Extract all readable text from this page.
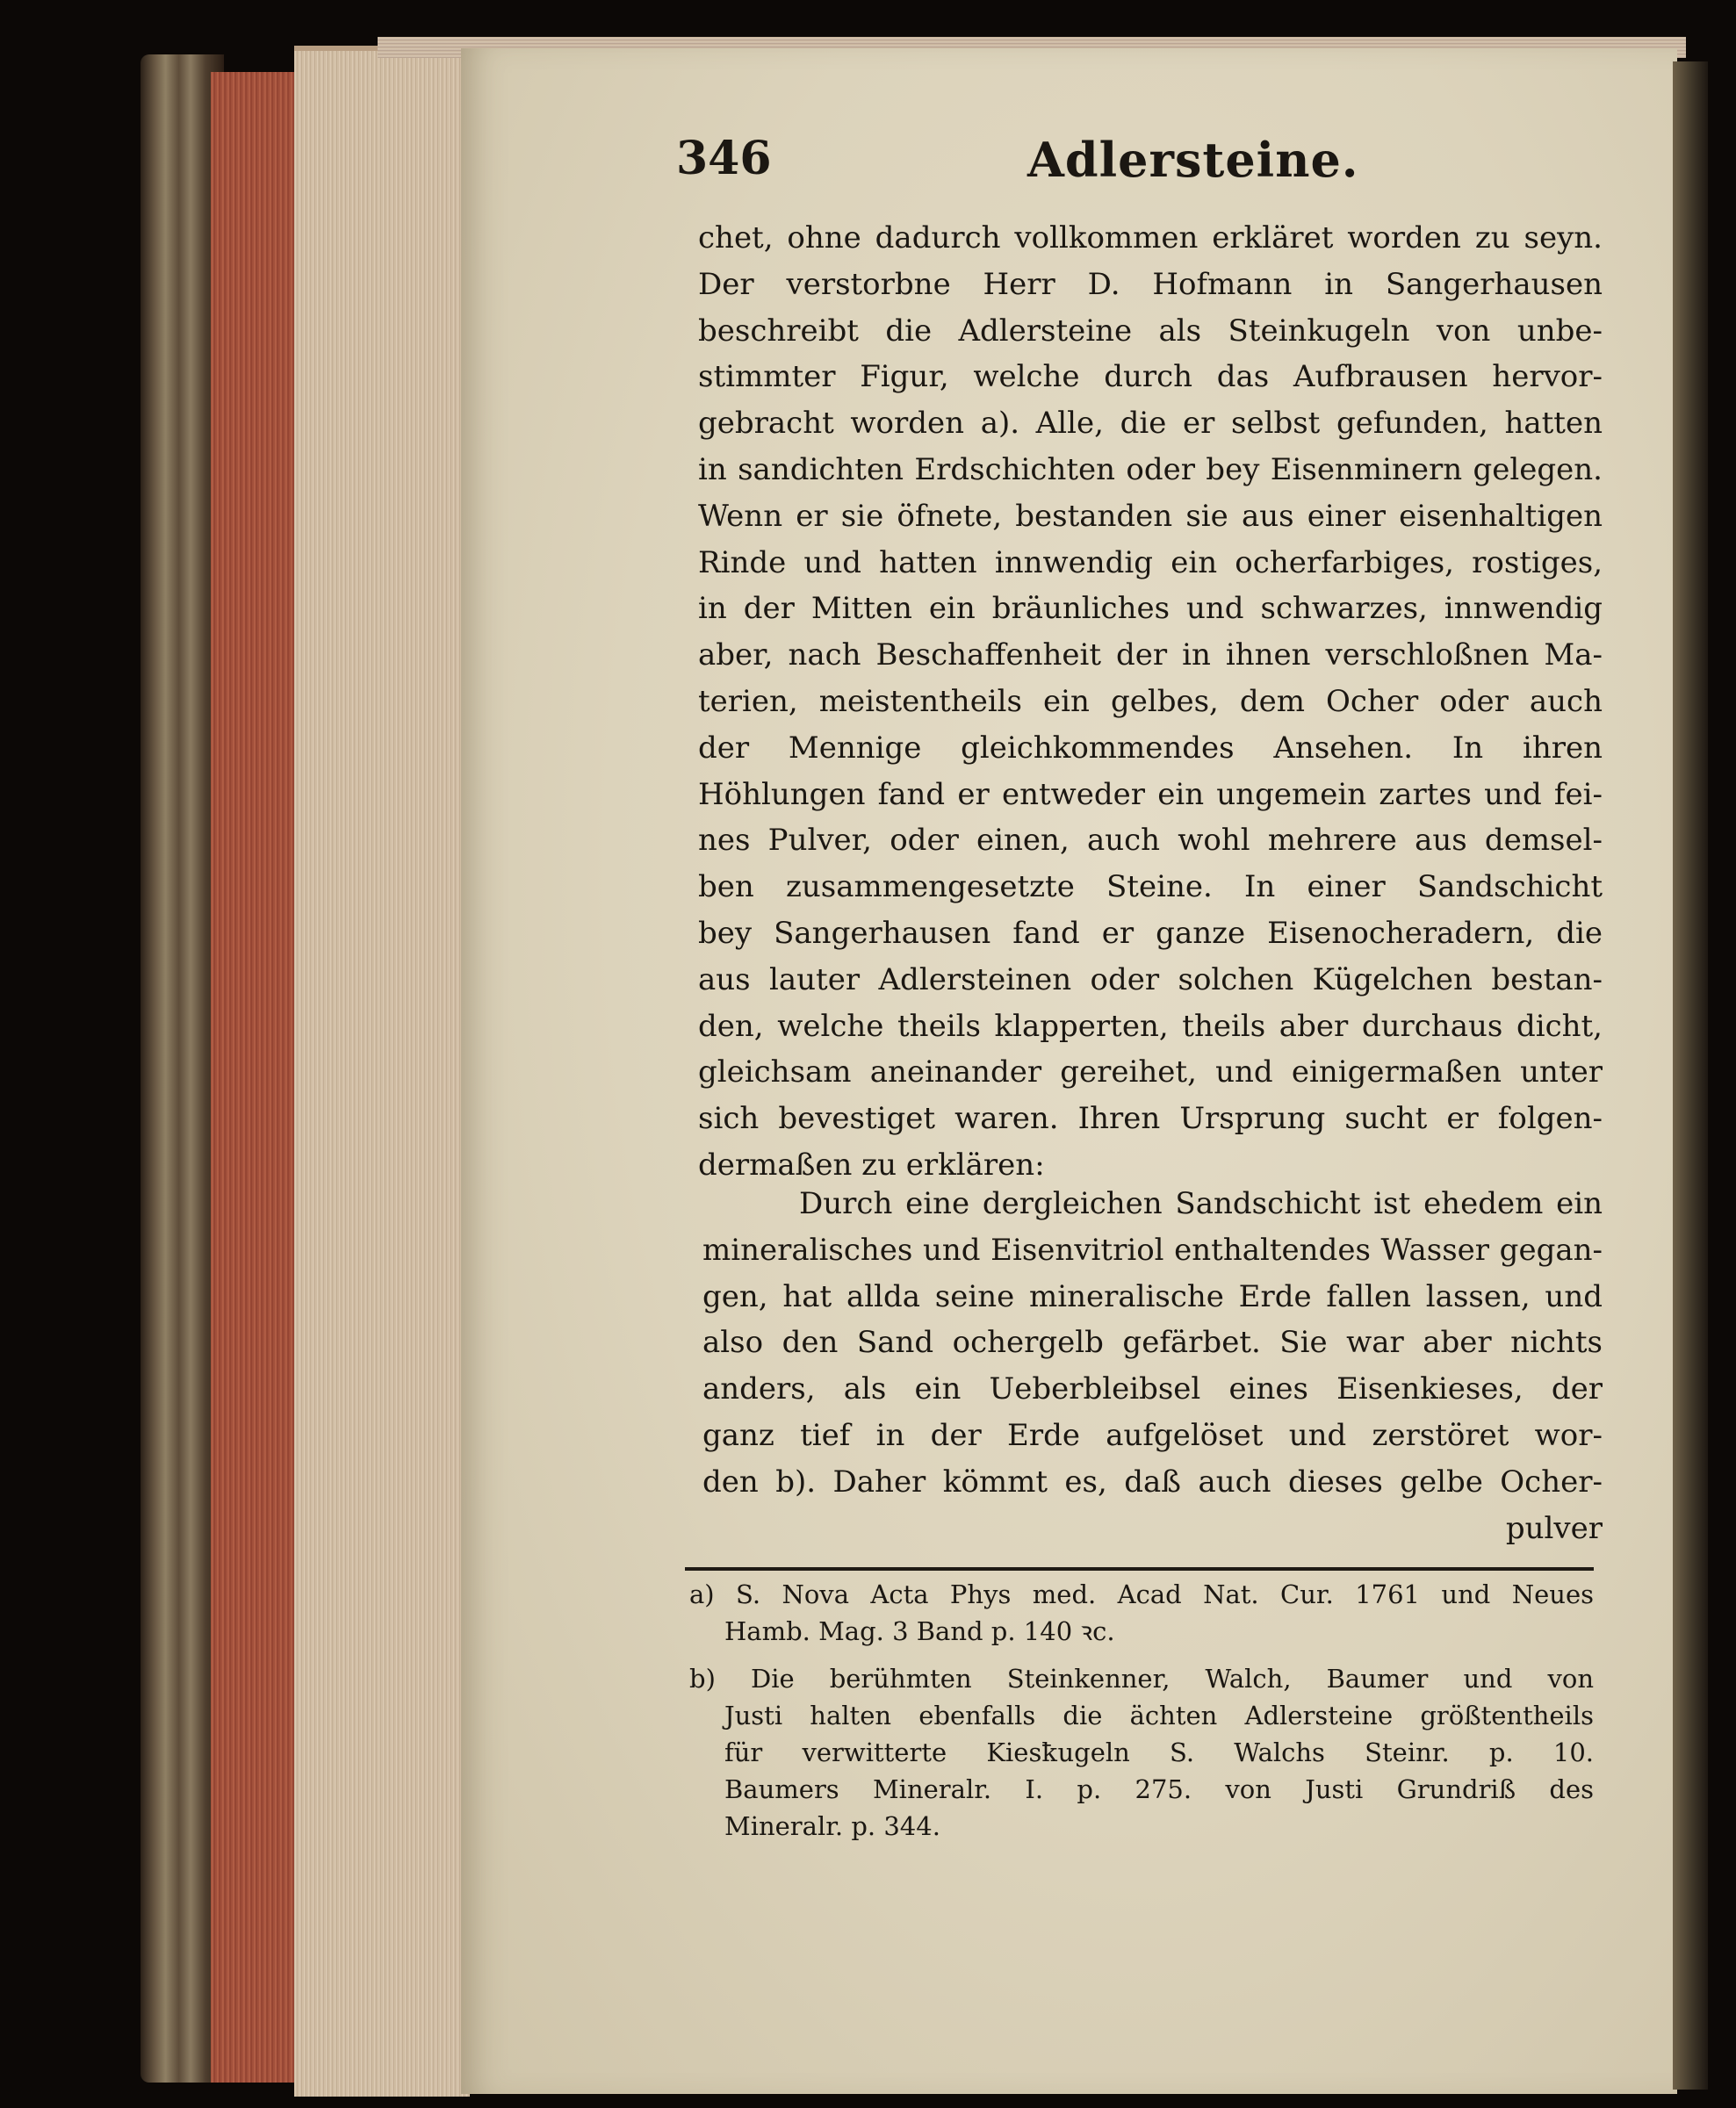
346	Adlersteine.
chet, ohne dadurch vollkommen erkläret worden zu seyn.
Der verstorbne Herr D. Hofmann in Sangerhausen
beschreibt die Adlersteine als Steinkugeln von unbe-
stimmter Figur, welche durch das Aufbrausen hervor-
gebracht worden a). Alle, die er selbst gefunden, hatten
in sandichten Erdschichten oder bey Eisenminern gelegen.
Wenn er sie öfnete, bestanden sie aus einer eisenhaltigen
Rinde und hatten innwendig ein ocherfarbiges, rostiges,
in der Mitten ein bräunliches und schwarzes, innwendig
aber, nach Beschaffenheit der in ihnen verschloßnen Ma-
terien, meistentheils ein gelbes, dem Ocher oder auch
der Mennige gleichkommendes Ansehen. In ihren
Höhlungen fand er entweder ein ungemein zartes und fei-
nes Pulver, oder einen, auch wohl mehrere aus demsel-
ben zusammengesetzte Steine. In einer Sandschicht
bey Sangerhausen fand er ganze Eisenocheradern, die
aus lauter Adlersteinen oder solchen Kügelchen bestan-
den, welche theils klapperten, theils aber durchaus dicht,
gleichsam aneinander gereihet, und einigermaßen unter
sich bevestiget waren. Ihren Ursprung sucht er folgen-
dermaßen zu erklären:
Durch eine dergleichen Sandschicht ist ehedem ein
mineralisches und Eisenvitriol enthaltendes Wasser gegan-
gen, hat allda seine mineralische Erde fallen lassen, und
also den Sand ochergelb gefärbet. Sie war aber nichts
anders, als ein Ueberbleibsel eines Eisenkieses, der
ganz tief in der Erde aufgelöset und zerstöret wor-
den b). Daher kömmt es, daß auch dieses gelbe Ocher-
pulver
a) S. Nova Acta Phys med. Acad Nat. Cur. 1761 und Neues
Hamb. Mag. 3 Band p. 140 ꝛc.
b) Die berühmten Steinkenner, Walch, Baumer und von
Justi halten ebenfalls die ächten Adlersteine größtentheils
für verwitterte Kiesꝁugeln S. Walchs Steinr. p. 10.
Baumers Mineralr. I. p. 275. von Justi Grundriß des
Mineralr. p. 344.
